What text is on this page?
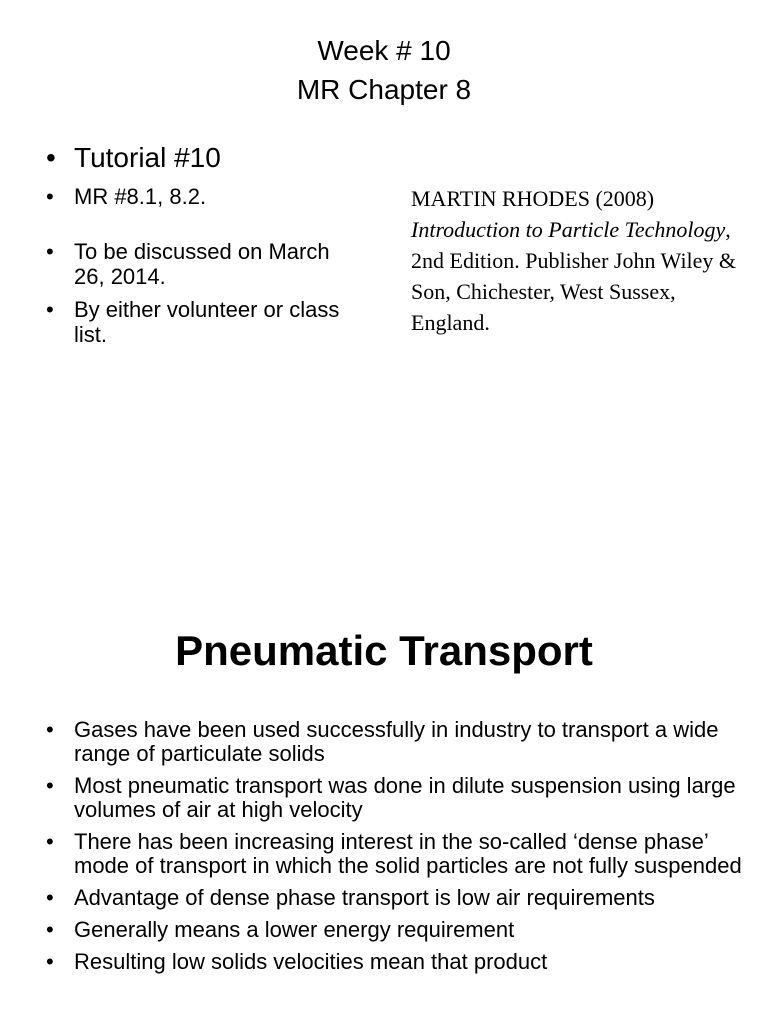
Week # 10
MR Chapter 8
• Tutorial #10
• MR #8.1, 8.2.
• To be discussed on March 26, 2014.
• By either volunteer or class list.
MARTIN RHODES (2008)
Introduction to Particle Technology, 2nd Edition. Publisher John Wiley & Son, Chichester, West Sussex, England.
Pneumatic Transport
• Gases have been used successfully in industry to transport a wide range of particulate solids
• Most pneumatic transport was done in dilute suspension using large volumes of air at high velocity
• There has been increasing interest in the so-called ‘dense phase’ mode of transport in which the solid particles are not fully suspended
• Advantage of dense phase transport is low air requirements
• Generally means a lower energy requirement
• Resulting low solids velocities mean that product
